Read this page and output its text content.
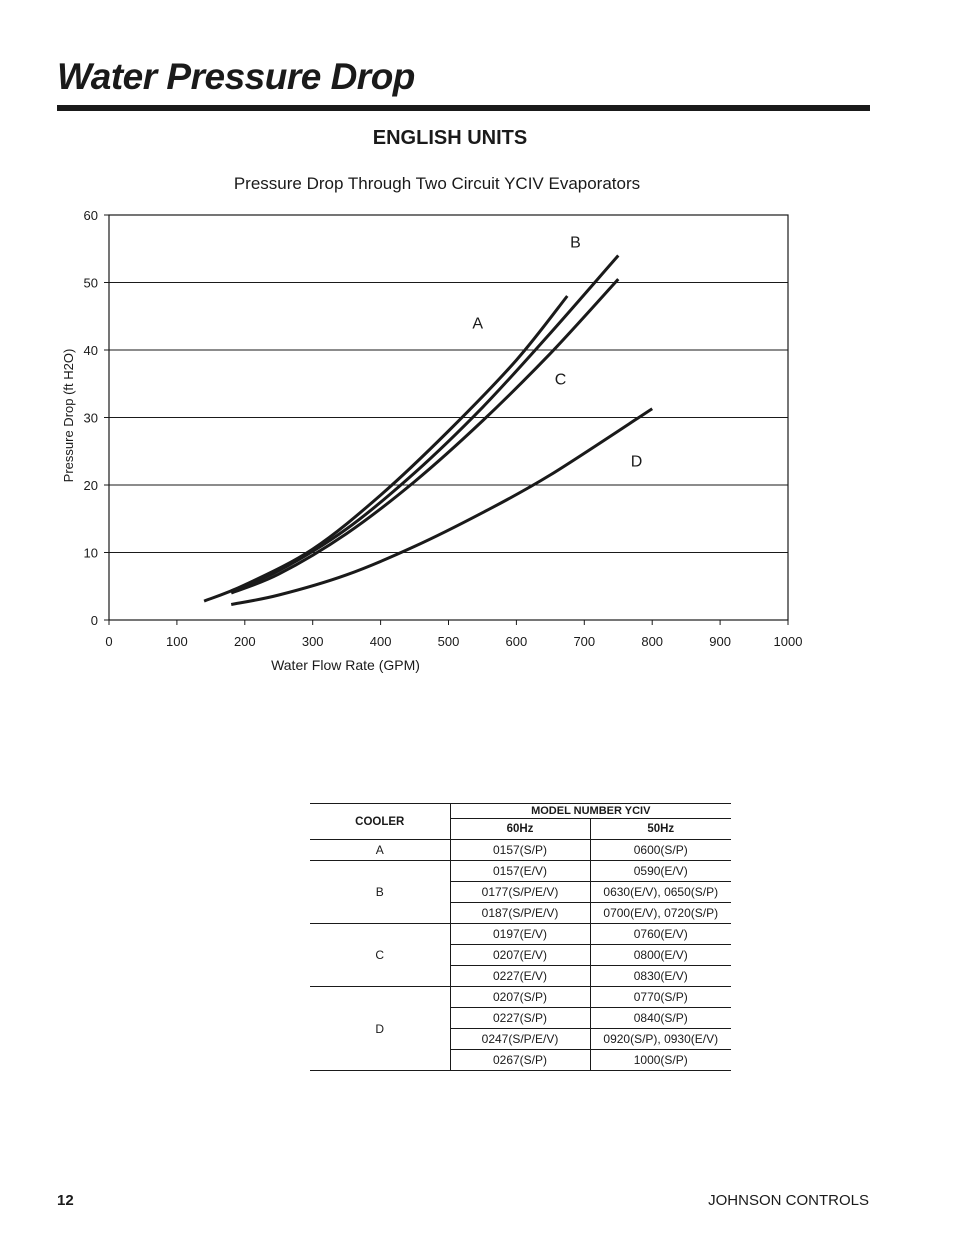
Water Pressure Drop
ENGLISH UNITS
Pressure Drop Through Two Circuit YCIV Evaporators
0
10
20
30
40
50
60
0	100	200	300	400	500	600	700	800	900	1000
Water Flow Rate (GPM)
Pressure Drop (ft H2O)
A
B
C
D
COOLER	MODEL NUMBER YCIV	
	60Hz	50Hz
A	0157(S/P)	0600(S/P)
B	0157(E/V)	0590(E/V)
	0177(S/P/E/V)	0630(E/V), 0650(S/P)
	0187(S/P/E/V)	0700(E/V), 0720(S/P)
C	0197(E/V)	0760(E/V)
	0207(E/V)	0800(E/V)
	0227(E/V)	0830(E/V)
D	0207(S/P)	0770(S/P)
	0227(S/P)	0840(S/P)
	0247(S/P/E/V)	0920(S/P), 0930(E/V)
	0267(S/P)	1000(S/P)
12	JOHNSON CONTROLS
